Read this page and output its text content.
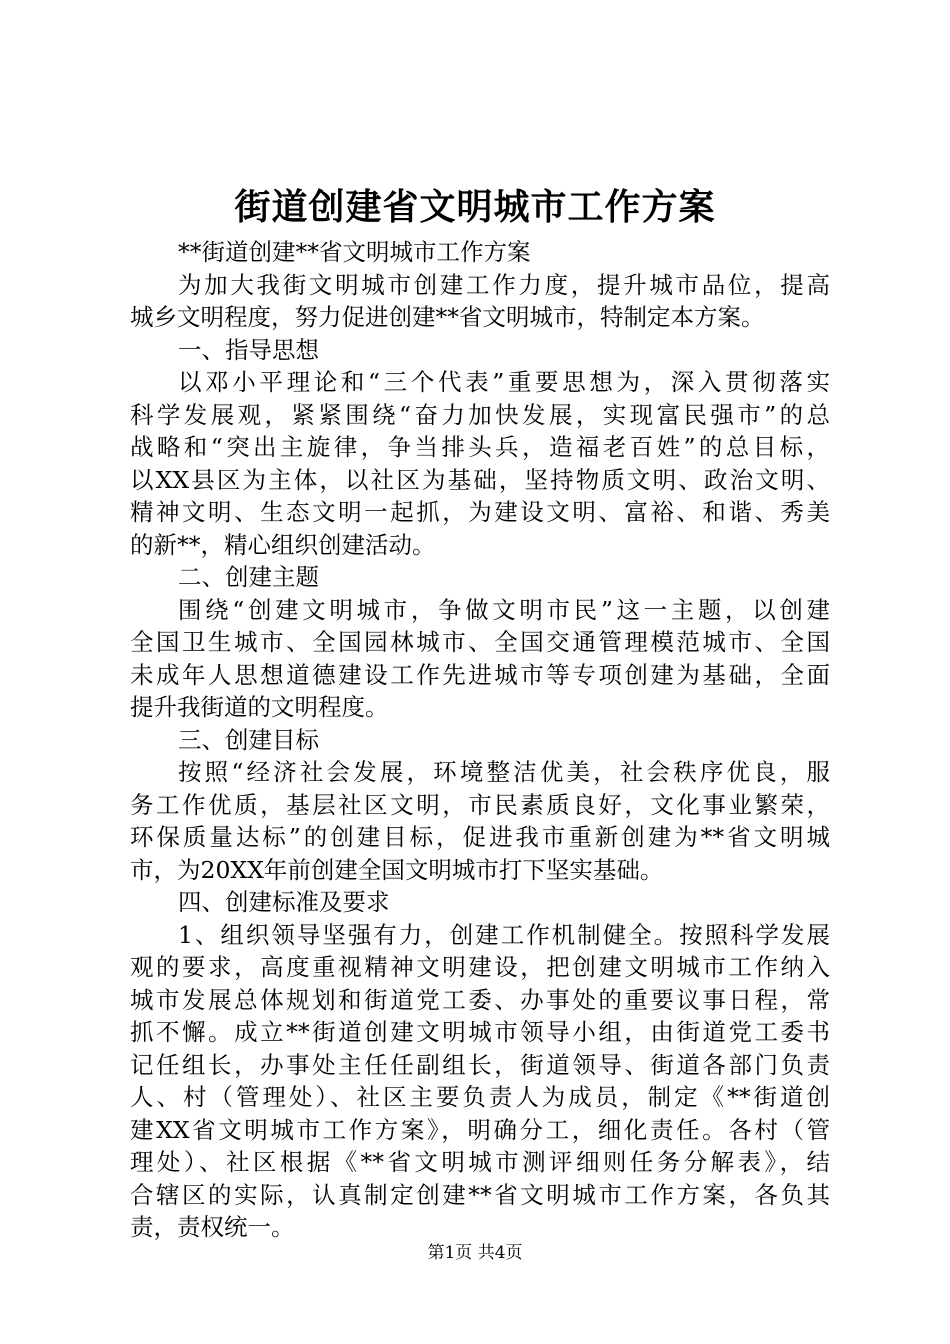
街道创建省文明城市工作方案
**街道创建**省文明城市工作方案
为加大我街文明城市创建工作力度，提升城市品位，提高
城乡文明程度，努力促进创建**省文明城市，特制定本方案。
一、指导思想
以邓小平理论和“三个代表”重要思想为，深入贯彻落实
科学发展观，紧紧围绕“奋力加快发展，实现富民强市”的总
战略和“突出主旋律，争当排头兵，造福老百姓”的总目标，
以XX县区为主体，以社区为基础，坚持物质文明、政治文明、
精神文明、生态文明一起抓，为建设文明、富裕、和谐、秀美
的新**，精心组织创建活动。
二、创建主题
围绕“创建文明城市，争做文明市民”这一主题，以创建
全国卫生城市、全国园林城市、全国交通管理模范城市、全国
未成年人思想道德建设工作先进城市等专项创建为基础，全面
提升我街道的文明程度。
三、创建目标
按照“经济社会发展，环境整洁优美，社会秩序优良，服
务工作优质，基层社区文明，市民素质良好，文化事业繁荣，
环保质量达标”的创建目标，促进我市重新创建为**省文明城
市，为20XX年前创建全国文明城市打下坚实基础。
四、创建标准及要求
1、组织领导坚强有力，创建工作机制健全。按照科学发展
观的要求，高度重视精神文明建设，把创建文明城市工作纳入
城市发展总体规划和街道党工委、办事处的重要议事日程，常
抓不懈。成立**街道创建文明城市领导小组，由街道党工委书
记任组长，办事处主任任副组长，街道领导、街道各部门负责
人、村（管理处）、社区主要负责人为成员，制定《**街道创
建XX省文明城市工作方案》，明确分工，细化责任。各村（管
理处）、社区根据《**省文明城市测评细则任务分解表》，结
合辖区的实际，认真制定创建**省文明城市工作方案，各负其
责，责权统一。
第1页 共4页
